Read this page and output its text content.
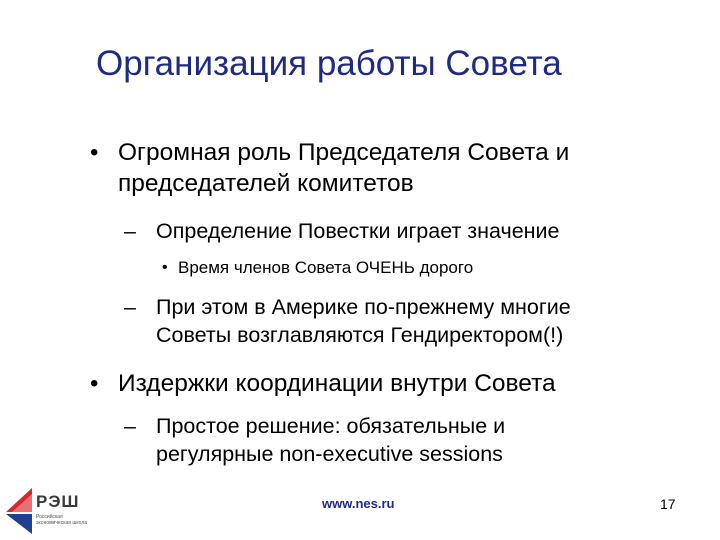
Организация работы Совета
• Огромная роль Председателя Совета и
председателей комитетов
– Определение Повестки играет значение
• Время членов Совета ОЧЕНЬ дорого
– При этом в Америке по-прежнему многие
Советы возглавляются Гендиректором(!)
• Издержки координации внутри Совета
– Простое решение: обязательные и
регулярные non-executive sessions
РЭШ
Российская экономическая школа
www.nes.ru	17
